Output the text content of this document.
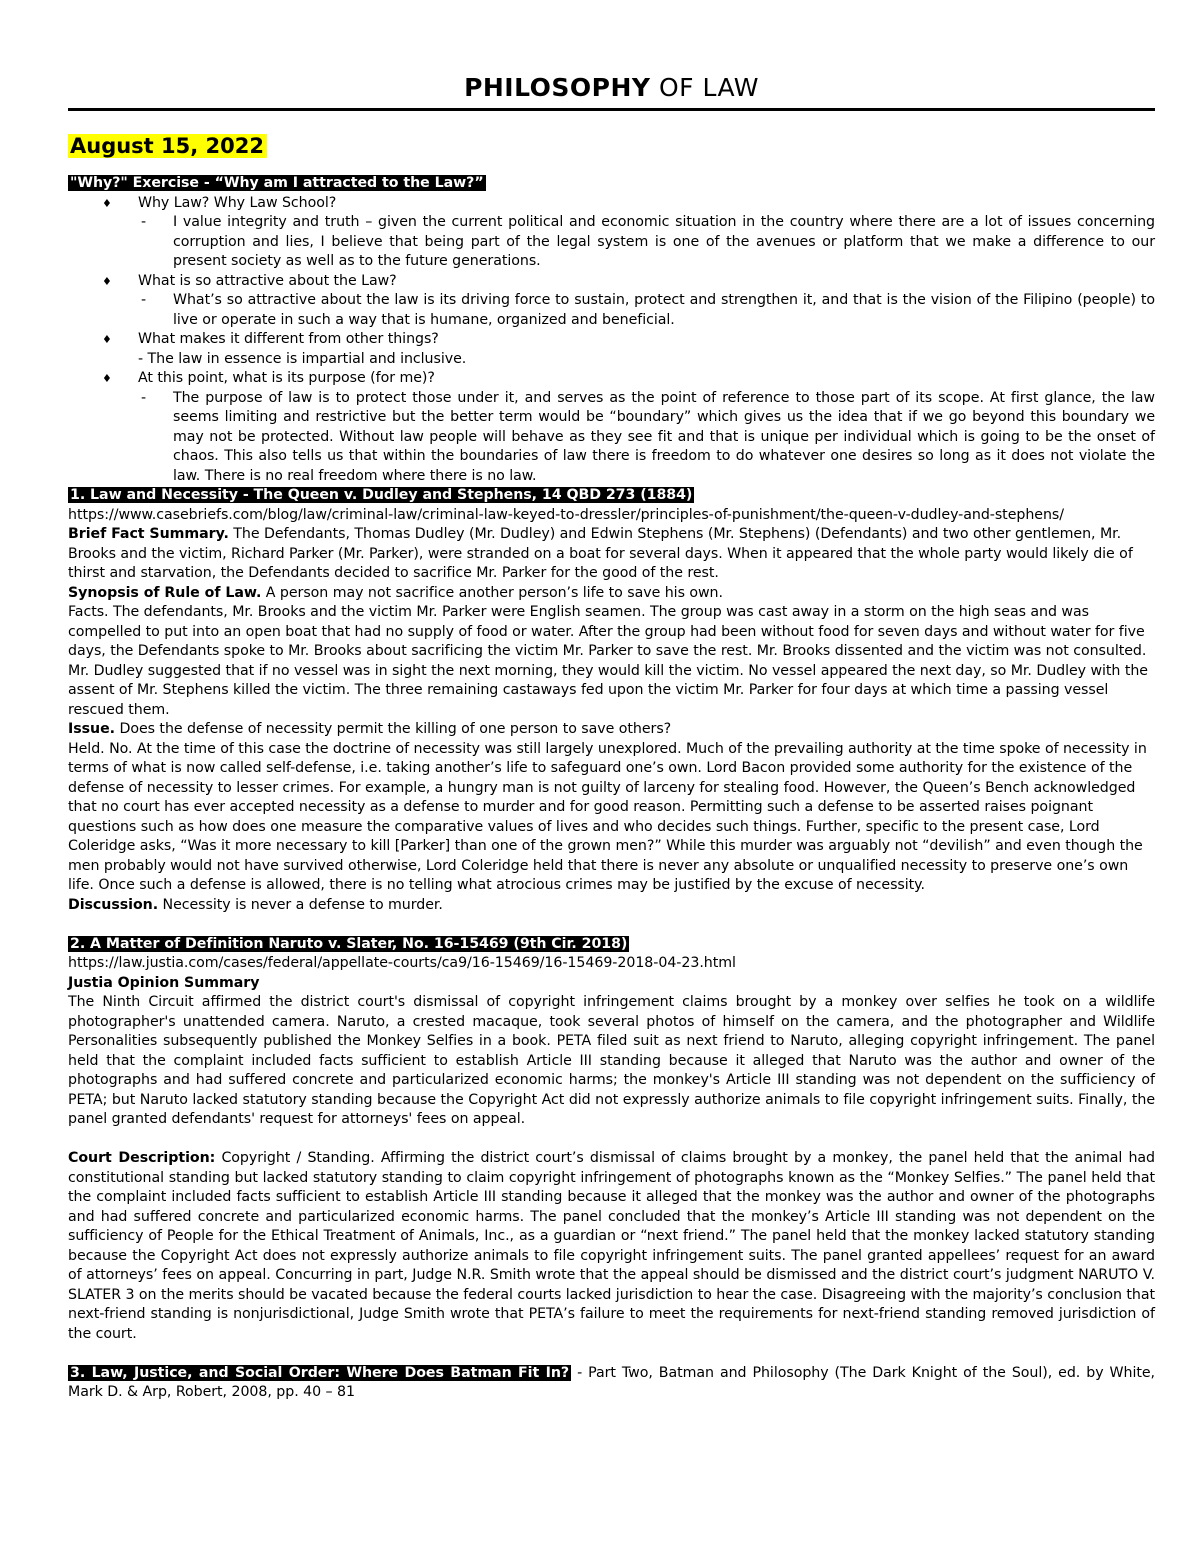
PHILOSOPHY OF LAW
August 15, 2022
"Why?" Exercise - “Why am I attracted to the Law?”
♦ Why Law? Why Law School?
- I value integrity and truth – given the current political and economic situation in the country where there are a lot of issues concerning corruption and lies, I believe that being part of the legal system is one of the avenues or platform that we make a difference to our present society as well as to the future generations.
♦ What is so attractive about the Law?
- What’s so attractive about the law is its driving force to sustain, protect and strengthen it, and that is the vision of the Filipino (people) to live or operate in such a way that is humane, organized and beneficial.
♦ What makes it different from other things?
- The law in essence is impartial and inclusive.
♦ At this point, what is its purpose (for me)?
- The purpose of law is to protect those under it, and serves as the point of reference to those part of its scope. At first glance, the law seems limiting and restrictive but the better term would be “boundary” which gives us the idea that if we go beyond this boundary we may not be protected. Without law people will behave as they see fit and that is unique per individual which is going to be the onset of chaos. This also tells us that within the boundaries of law there is freedom to do whatever one desires so long as it does not violate the law. There is no real freedom where there is no law.
1. Law and Necessity - The Queen v. Dudley and Stephens, 14 QBD 273 (1884)
https://www.casebriefs.com/blog/law/criminal-law/criminal-law-keyed-to-dressler/principles-of-punishment/the-queen-v-dudley-and-stephens/
Brief Fact Summary. The Defendants, Thomas Dudley (Mr. Dudley) and Edwin Stephens (Mr. Stephens) (Defendants) and two other gentlemen, Mr. Brooks and the victim, Richard Parker (Mr. Parker), were stranded on a boat for several days. When it appeared that the whole party would likely die of thirst and starvation, the Defendants decided to sacrifice Mr. Parker for the good of the rest.
Synopsis of Rule of Law. A person may not sacrifice another person’s life to save his own.
Facts. The defendants, Mr. Brooks and the victim Mr. Parker were English seamen. The group was cast away in a storm on the high seas and was compelled to put into an open boat that had no supply of food or water. After the group had been without food for seven days and without water for five days, the Defendants spoke to Mr. Brooks about sacrificing the victim Mr. Parker to save the rest. Mr. Brooks dissented and the victim was not consulted. Mr. Dudley suggested that if no vessel was in sight the next morning, they would kill the victim. No vessel appeared the next day, so Mr. Dudley with the assent of Mr. Stephens killed the victim. The three remaining castaways fed upon the victim Mr. Parker for four days at which time a passing vessel rescued them.
Issue. Does the defense of necessity permit the killing of one person to save others?
Held. No. At the time of this case the doctrine of necessity was still largely unexplored. Much of the prevailing authority at the time spoke of necessity in terms of what is now called self-defense, i.e. taking another’s life to safeguard one’s own. Lord Bacon provided some authority for the existence of the defense of necessity to lesser crimes. For example, a hungry man is not guilty of larceny for stealing food. However, the Queen’s Bench acknowledged that no court has ever accepted necessity as a defense to murder and for good reason. Permitting such a defense to be asserted raises poignant questions such as how does one measure the comparative values of lives and who decides such things. Further, specific to the present case, Lord Coleridge asks, “Was it more necessary to kill [Parker] than one of the grown men?” While this murder was arguably not “devilish” and even though the men probably would not have survived otherwise, Lord Coleridge held that there is never any absolute or unqualified necessity to preserve one’s own life. Once such a defense is allowed, there is no telling what atrocious crimes may be justified by the excuse of necessity.
Discussion. Necessity is never a defense to murder.
2. A Matter of Definition Naruto v. Slater, No. 16-15469 (9th Cir. 2018)
https://law.justia.com/cases/federal/appellate-courts/ca9/16-15469/16-15469-2018-04-23.html
Justia Opinion Summary
The Ninth Circuit affirmed the district court's dismissal of copyright infringement claims brought by a monkey over selfies he took on a wildlife photographer's unattended camera. Naruto, a crested macaque, took several photos of himself on the camera, and the photographer and Wildlife Personalities subsequently published the Monkey Selfies in a book. PETA filed suit as next friend to Naruto, alleging copyright infringement. The panel held that the complaint included facts sufficient to establish Article III standing because it alleged that Naruto was the author and owner of the photographs and had suffered concrete and particularized economic harms; the monkey's Article III standing was not dependent on the sufficiency of PETA; but Naruto lacked statutory standing because the Copyright Act did not expressly authorize animals to file copyright infringement suits. Finally, the panel granted defendants' request for attorneys' fees on appeal.
Court Description: Copyright / Standing. Affirming the district court’s dismissal of claims brought by a monkey, the panel held that the animal had constitutional standing but lacked statutory standing to claim copyright infringement of photographs known as the “Monkey Selfies.” The panel held that the complaint included facts sufficient to establish Article III standing because it alleged that the monkey was the author and owner of the photographs and had suffered concrete and particularized economic harms. The panel concluded that the monkey’s Article III standing was not dependent on the sufficiency of People for the Ethical Treatment of Animals, Inc., as a guardian or “next friend.” The panel held that the monkey lacked statutory standing because the Copyright Act does not expressly authorize animals to file copyright infringement suits. The panel granted appellees’ request for an award of attorneys’ fees on appeal. Concurring in part, Judge N.R. Smith wrote that the appeal should be dismissed and the district court’s judgment NARUTO V. SLATER 3 on the merits should be vacated because the federal courts lacked jurisdiction to hear the case. Disagreeing with the majority’s conclusion that next-friend standing is nonjurisdictional, Judge Smith wrote that PETA’s failure to meet the requirements for next-friend standing removed jurisdiction of the court.
3. Law, Justice, and Social Order: Where Does Batman Fit In? - Part Two, Batman and Philosophy (The Dark Knight of the Soul), ed. by White, Mark D. & Arp, Robert, 2008, pp. 40 – 81
